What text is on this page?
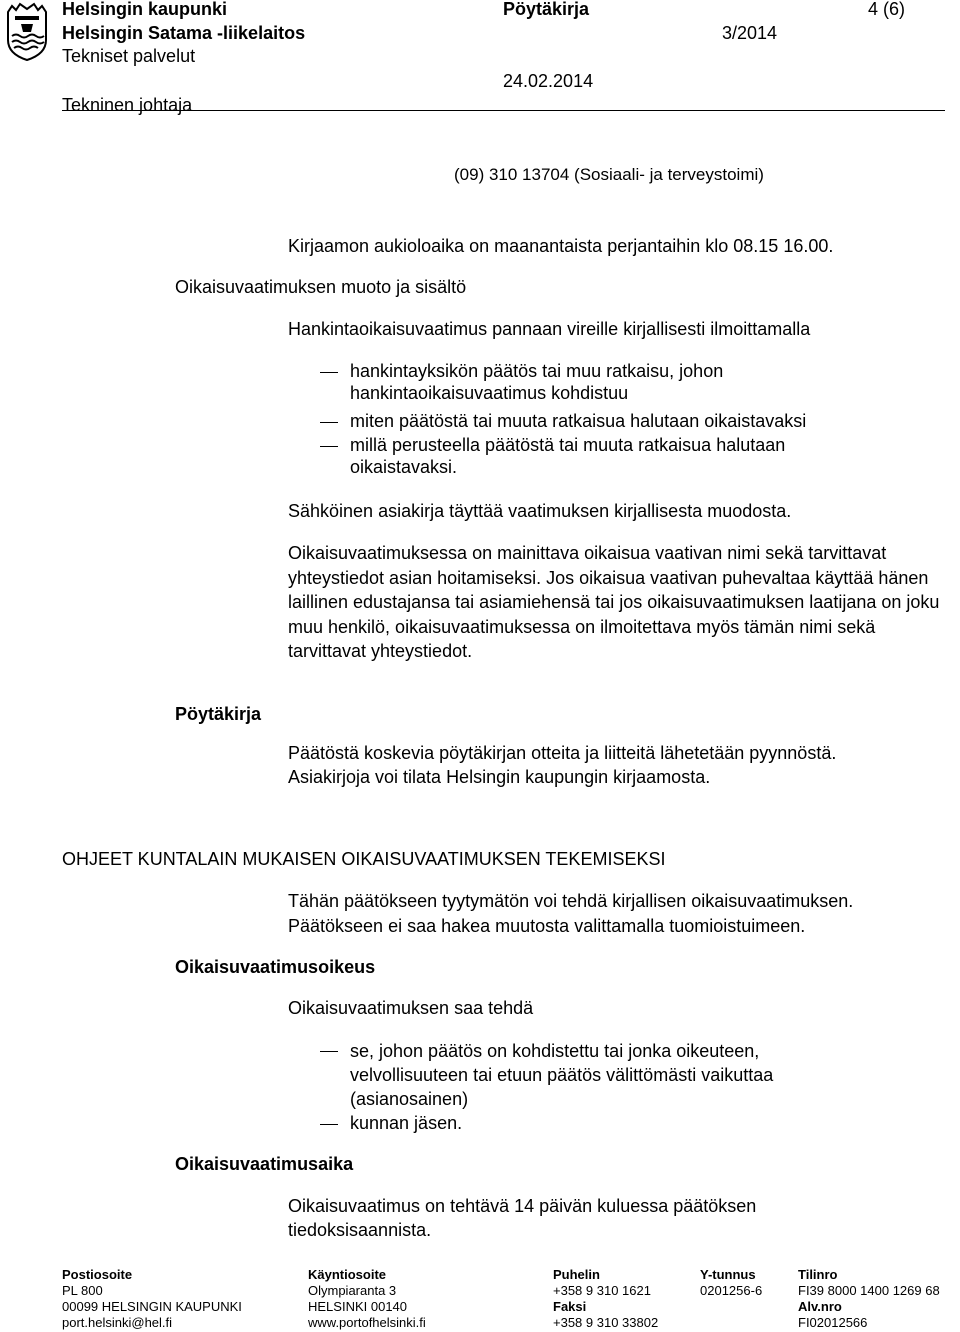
Helsingin kaupunki
Helsingin Satama -liikelaitos
Tekniset palvelut
Tekninen johtaja
Pöytäkirja
3/2014
4 (6)
24.02.2014
(09) 310 13704 (Sosiaali- ja terveystoimi)
Kirjaamon aukioloaika on maanantaista perjantaihin klo 08.15 16.00.
Oikaisuvaatimuksen muoto ja sisältö
Hankintaoikaisuvaatimus pannaan vireille kirjallisesti ilmoittamalla
hankintayksikön päätös tai muu ratkaisu, johon hankintaoikaisuvaatimus kohdistuu
miten päätöstä tai muuta ratkaisua halutaan oikaistavaksi
millä perusteella päätöstä tai muuta ratkaisua halutaan oikaistavaksi.
Sähköinen asiakirja täyttää vaatimuksen kirjallisesta muodosta.
Oikaisuvaatimuksessa on mainittava oikaisua vaativan nimi sekä tarvittavat yhteystiedot asian hoitamiseksi. Jos oikaisua vaativan puhevaltaa käyttää hänen laillinen edustajansa tai asiamiehensä tai jos oikaisuvaatimuksen laatijana on joku muu henkilö, oikaisuvaatimuksessa on ilmoitettava myös tämän nimi sekä tarvittavat yhteystiedot.
Pöytäkirja
Päätöstä koskevia pöytäkirjan otteita ja liitteitä lähetetään pyynnöstä.
Asiakirjoja voi tilata Helsingin kaupungin kirjaamosta.
OHJEET KUNTALAIN MUKAISEN OIKAISUVAATIMUKSEN TEKEMISEKSI
Tähän päätökseen tyytymätön voi tehdä kirjallisen oikaisuvaatimuksen.
Päätökseen ei saa hakea muutosta valittamalla tuomioistuimeen.
Oikaisuvaatimusoikeus
Oikaisuvaatimuksen saa tehdä
se, johon päätös on kohdistettu tai jonka oikeuteen, velvollisuuteen tai etuun päätös välittömästi vaikuttaa (asianosainen)
kunnan jäsen.
Oikaisuvaatimusaika
Oikaisuvaatimus on tehtävä 14 päivän kuluessa päätöksen tiedoksisaannista.
Postiosoite
PL 800
00099 HELSINGIN KAUPUNKI
port.helsinki@hel.fi
Käyntiosoite
Olympiaranta 3
HELSINKI 00140
www.portofhelsinki.fi
Puhelin
+358 9 310 1621
Faksi
+358 9 310 33802
Y-tunnus
0201256-6
Tilinro
FI39 8000 1400 1269 68
Alv.nro
FI02012566
